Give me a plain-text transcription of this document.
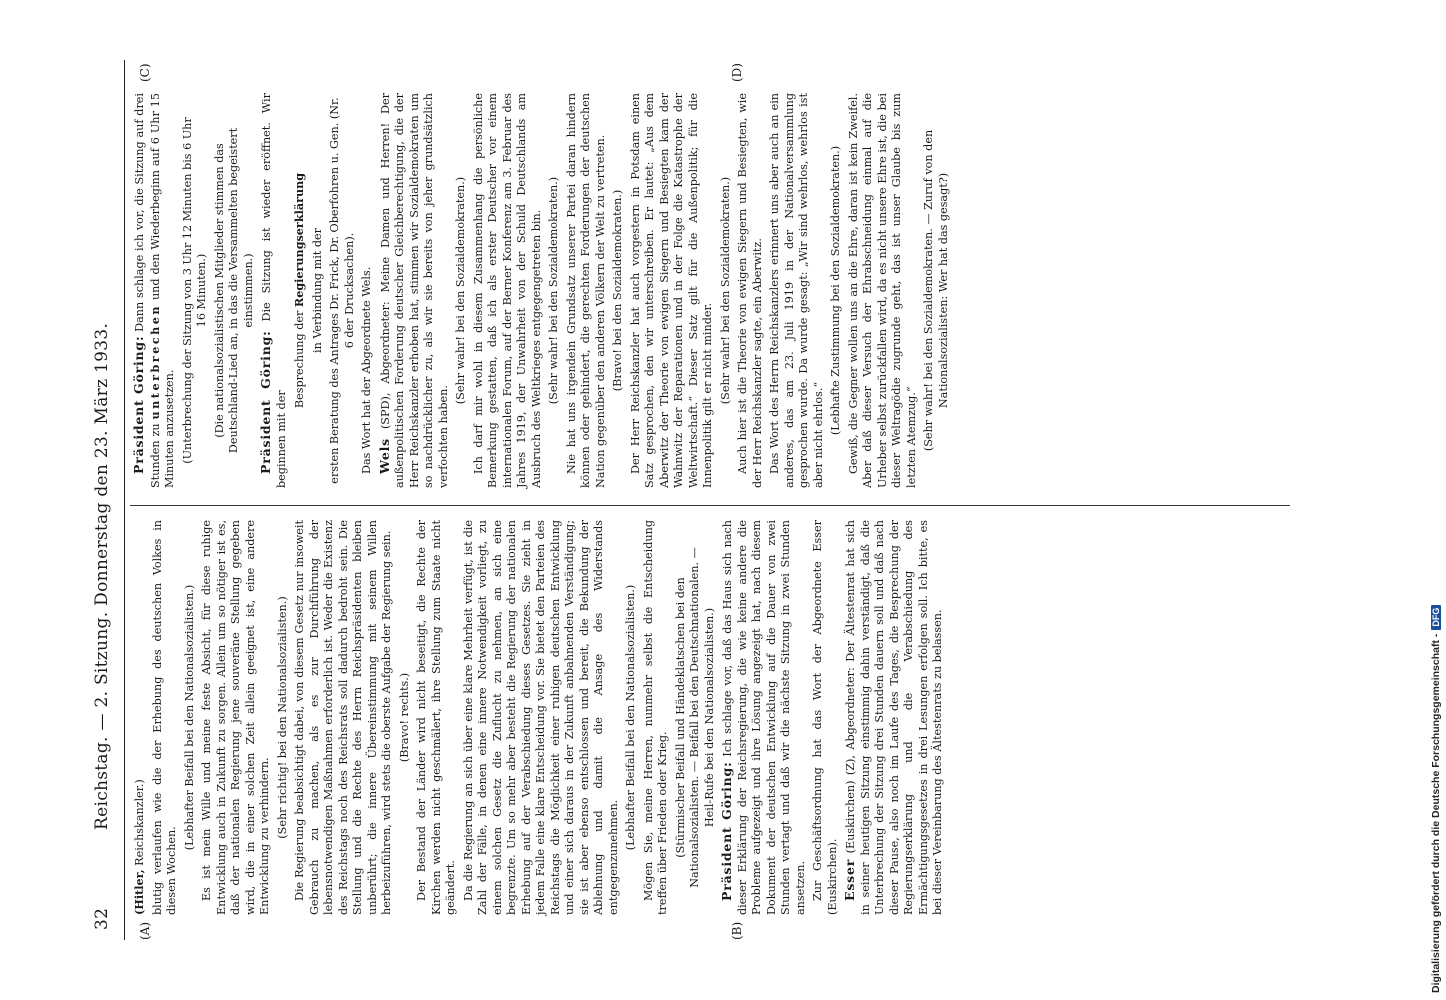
32
Reichstag. — 2. Sitzung. Donnerstag den 23. März 1933.
(A)	(B)
(C)	(D)

(Hitler, Reichskanzler.) blutig verlaufen wie die der Erhebung des deutschen Volkes in diesen Wochen.

(Lebhafter Beifall bei den Nationalsozialisten.) Es ist mein Wille und meine feste Absicht, für diese ruhige Entwicklung auch in Zukunft zu sorgen. Allein um so nötiger ist es, daß der nationalen Regierung jene souveräne Stellung gegeben wird, die in einer solchen Zeit allein geeignet ist, eine andere Entwicklung zu verhindern. (Sehr richtig! bei den Nationalsozialisten.) Die Regierung beabsichtigt dabei, von diesem Gesetz nur insoweit Gebrauch zu machen, als es zur Durchführung der lebensnotwendigen Maßnahmen erforderlich ist. Weder die Existenz des Reichstags noch des Reichsrats soll dadurch bedroht sein. Die Stellung und die Rechte des Herrn Reichspräsidenten bleiben unberührt; die innere Übereinstimmung mit seinem Willen herbeizuführen, wird stets die oberste Aufgabe der Regierung sein. (Bravo! rechts.) Der Bestand der Länder wird nicht beseitigt, die Rechte der Kirchen werden nicht geschmälert, ihre Stellung zum Staate nicht geändert. Da die Regierung an sich über eine klare Mehrheit verfügt, ist die Zahl der Fälle, in denen eine innere Notwendigkeit vorliegt, zu einem solchen Gesetz die Zuflucht zu nehmen, an sich eine begrenzte. Um so mehr aber besteht die Regierung der nationalen Erhebung auf der Verabschiedung dieses Gesetzes. Sie zieht in jedem Falle eine klare Entscheidung vor. Sie bietet den Parteien des Reichstags die Möglichkeit einer ruhigen deutschen Entwicklung und einer sich daraus in der Zukunft anbahnenden Verständigung; sie ist aber ebenso entschlossen und bereit, die Bekundung der Ablehnung und damit die Ansage des Widerstands entgegenzunehmen.

(Lebhafter Beifall bei den Nationalsozialisten.) Mögen Sie, meine Herren, nunmehr selbst die Entscheidung treffen über Frieden oder Krieg. (Stürmischer Beifall und Händeklatschen bei den Nationalsozialisten. — Beifall bei den Deutschnationalen. — Heil-Rufe bei den Nationalsozialisten.)

Präsident Göring: Ich schlage vor, daß das Haus sich nach dieser Erklärung der Reichsregierung, die wie keine andere die Probleme aufgezeigt und ihre Lösung angezeigt hat, nach diesem Dokument der deutschen Entwicklung auf die Dauer von zwei Stunden vertagt und daß wir die nächste Sitzung in zwei Stunden ansetzen. Zur Geschäftsordnung hat das Wort der Abgeordnete Esser (Euskirchen). Esser (Euskirchen) (Z), Abgeordneter: Der Ältestenrat hat sich in seiner heutigen Sitzung einstimmig dahin verständigt, daß die Unterbrechung der Sitzung drei Stunden dauern soll und daß nach dieser Pause, also noch im Laufe des Tages, die Besprechung der Regierungserklärung und die Verabschiedung des Ermächtigungsgesetzes in drei Lesungen erfolgen soll. Ich bitte, es bei dieser Vereinbarung des Ältestenrats zu belassen.

Präsident Göring: Dann schlage ich vor, die Sitzung auf drei Stunden zu unterbrechen und den Wiederbeginn auf 6 Uhr 15 Minuten anzusetzen. (Unterbrechung der Sitzung von 3 Uhr 12 Minuten bis 6 Uhr 16 Minuten.) (Die nationalsozialistischen Mitglieder stimmen das Deutschland-Lied an, in das die Versammelten begeistert einstimmen.)

Präsident Göring: Die Sitzung ist wieder eröffnet. Wir beginnen mit der

Besprechung der Regierungserklärung in Verbindung mit der ersten Beratung des Antrages Dr. Frick, Dr. Oberfohren u. Gen. (Nr. 6 der Drucksachen). Das Wort hat der Abgeordnete Wels. Wels (SPD), Abgeordneter: Meine Damen und Herren! Der außenpolitischen Forderung deutscher Gleichberechtigung, die der Herr Reichskanzler erhoben hat, stimmen wir Sozialdemokraten um so nachdrücklicher zu, als wir sie bereits von jeher grundsätzlich verfochten haben.

(Sehr wahr! bei den Sozialdemokraten.) Ich darf mir wohl in diesem Zusammenhang die persönliche Bemerkung gestatten, daß ich als erster Deutscher vor einem internationalen Forum, auf der Berner Konferenz am 3. Februar des Jahres 1919, der Unwahrheit von der Schuld Deutschlands am Ausbruch des Weltkrieges entgegengetreten bin. (Sehr wahr! bei den Sozialdemokraten.) Nie hat uns irgendein Grundsatz unserer Partei daran hindern können oder gehindert, die gerechten Forderungen der deutschen Nation gegenüber den anderen Völkern der Welt zu vertreten. (Bravo! bei den Sozialdemokraten.) Der Herr Reichskanzler hat auch vorgestern in Potsdam einen Satz gesprochen, den wir unterschreiben. Er lautet: „Aus dem Aberwitz der Theorie von ewigen Siegern und Besiegten kam der Wahnwitz der Reparationen und in der Folge die Katastrophe der Weltwirtschaft.“ Dieser Satz gilt für die Außenpolitik; für die Innenpolitik gilt er nicht minder. (Sehr wahr! bei den Sozialdemokraten.) Auch hier ist die Theorie von ewigen Siegern und Besiegten, wie der Herr Reichskanzler sagte, ein Aberwitz. Das Wort des Herrn Reichskanzlers erinnert uns aber auch an ein anderes, das am 23. Juli 1919 in der Nationalversammlung gesprochen wurde. Da wurde gesagt: „Wir sind wehrlos, wehrlos ist aber nicht ehrlos.“ (Lebhafte Zustimmung bei den Sozialdemokraten.) Gewiß, die Gegner wollen uns an die Ehre, daran ist kein Zweifel. Aber daß dieser Versuch der Ehrabschneidung einmal auf die Urheber selbst zurückfallen wird, da es nicht unsere Ehre ist, die bei dieser Weltragödie zugrunde geht, das ist unser Glaube bis zum letzten Atemzug.“ (Sehr wahr! bei den Sozialdemokraten. — Zuruf von den Nationalsozialisten: Wer hat das gesagt?)

Digitalisierung gefördert durch die Deutsche Forschungsgemeinschaft -DFG
